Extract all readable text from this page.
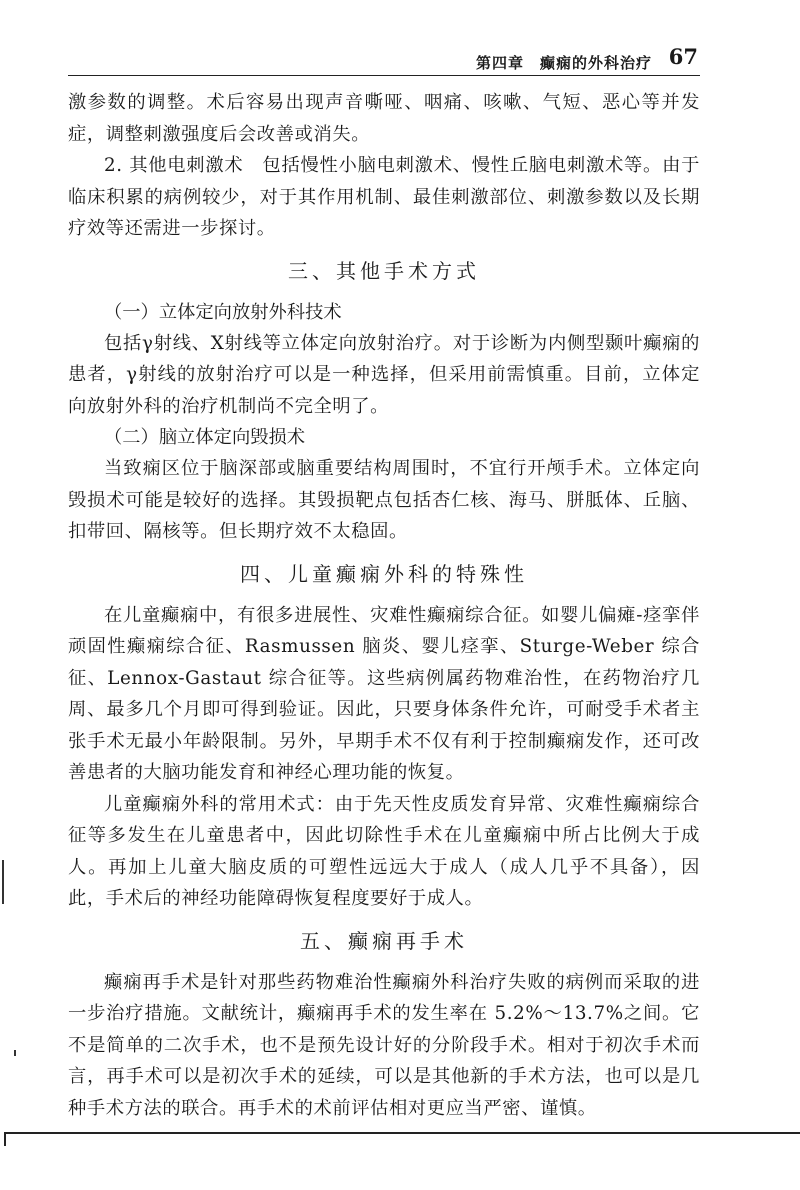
第四章　癫痫的外科治疗 67

激参数的调整。术后容易出现声音嘶哑、咽痛、咳嗽、气短、恶心等并发症，调整刺激强度后会改善或消失。

2. 其他电刺激术　包括慢性小脑电刺激术、慢性丘脑电刺激术等。由于临床积累的病例较少，对于其作用机制、最佳刺激部位、刺激参数以及长期疗效等还需进一步探讨。

三、其他手术方式

（一）立体定向放射外科技术

包括γ射线、X射线等立体定向放射治疗。对于诊断为内侧型颞叶癫痫的患者，γ射线的放射治疗可以是一种选择，但采用前需慎重。目前，立体定向放射外科的治疗机制尚不完全明了。

（二）脑立体定向毁损术

当致痫区位于脑深部或脑重要结构周围时，不宜行开颅手术。立体定向毁损术可能是较好的选择。其毁损靶点包括杏仁核、海马、胼胝体、丘脑、扣带回、隔核等。但长期疗效不太稳固。

四、儿童癫痫外科的特殊性

在儿童癫痫中，有很多进展性、灾难性癫痫综合征。如婴儿偏瘫-痉挛伴顽固性癫痫综合征、Rasmussen 脑炎、婴儿痉挛、Sturge-Weber 综合征、Lennox-Gastaut 综合征等。这些病例属药物难治性，在药物治疗几周、最多几个月即可得到验证。因此，只要身体条件允许，可耐受手术者主张手术无最小年龄限制。另外，早期手术不仅有利于控制癫痫发作，还可改善患者的大脑功能发育和神经心理功能的恢复。

儿童癫痫外科的常用术式：由于先天性皮质发育异常、灾难性癫痫综合征等多发生在儿童患者中，因此切除性手术在儿童癫痫中所占比例大于成人。再加上儿童大脑皮质的可塑性远远大于成人（成人几乎不具备），因此，手术后的神经功能障碍恢复程度要好于成人。

五、癫痫再手术

癫痫再手术是针对那些药物难治性癫痫外科治疗失败的病例而采取的进一步治疗措施。文献统计，癫痫再手术的发生率在 5.2%～13.7%之间。它不是简单的二次手术，也不是预先设计好的分阶段手术。相对于初次手术而言，再手术可以是初次手术的延续，可以是其他新的手术方法，也可以是几种手术方法的联合。再手术的术前评估相对更应当严密、谨慎。
